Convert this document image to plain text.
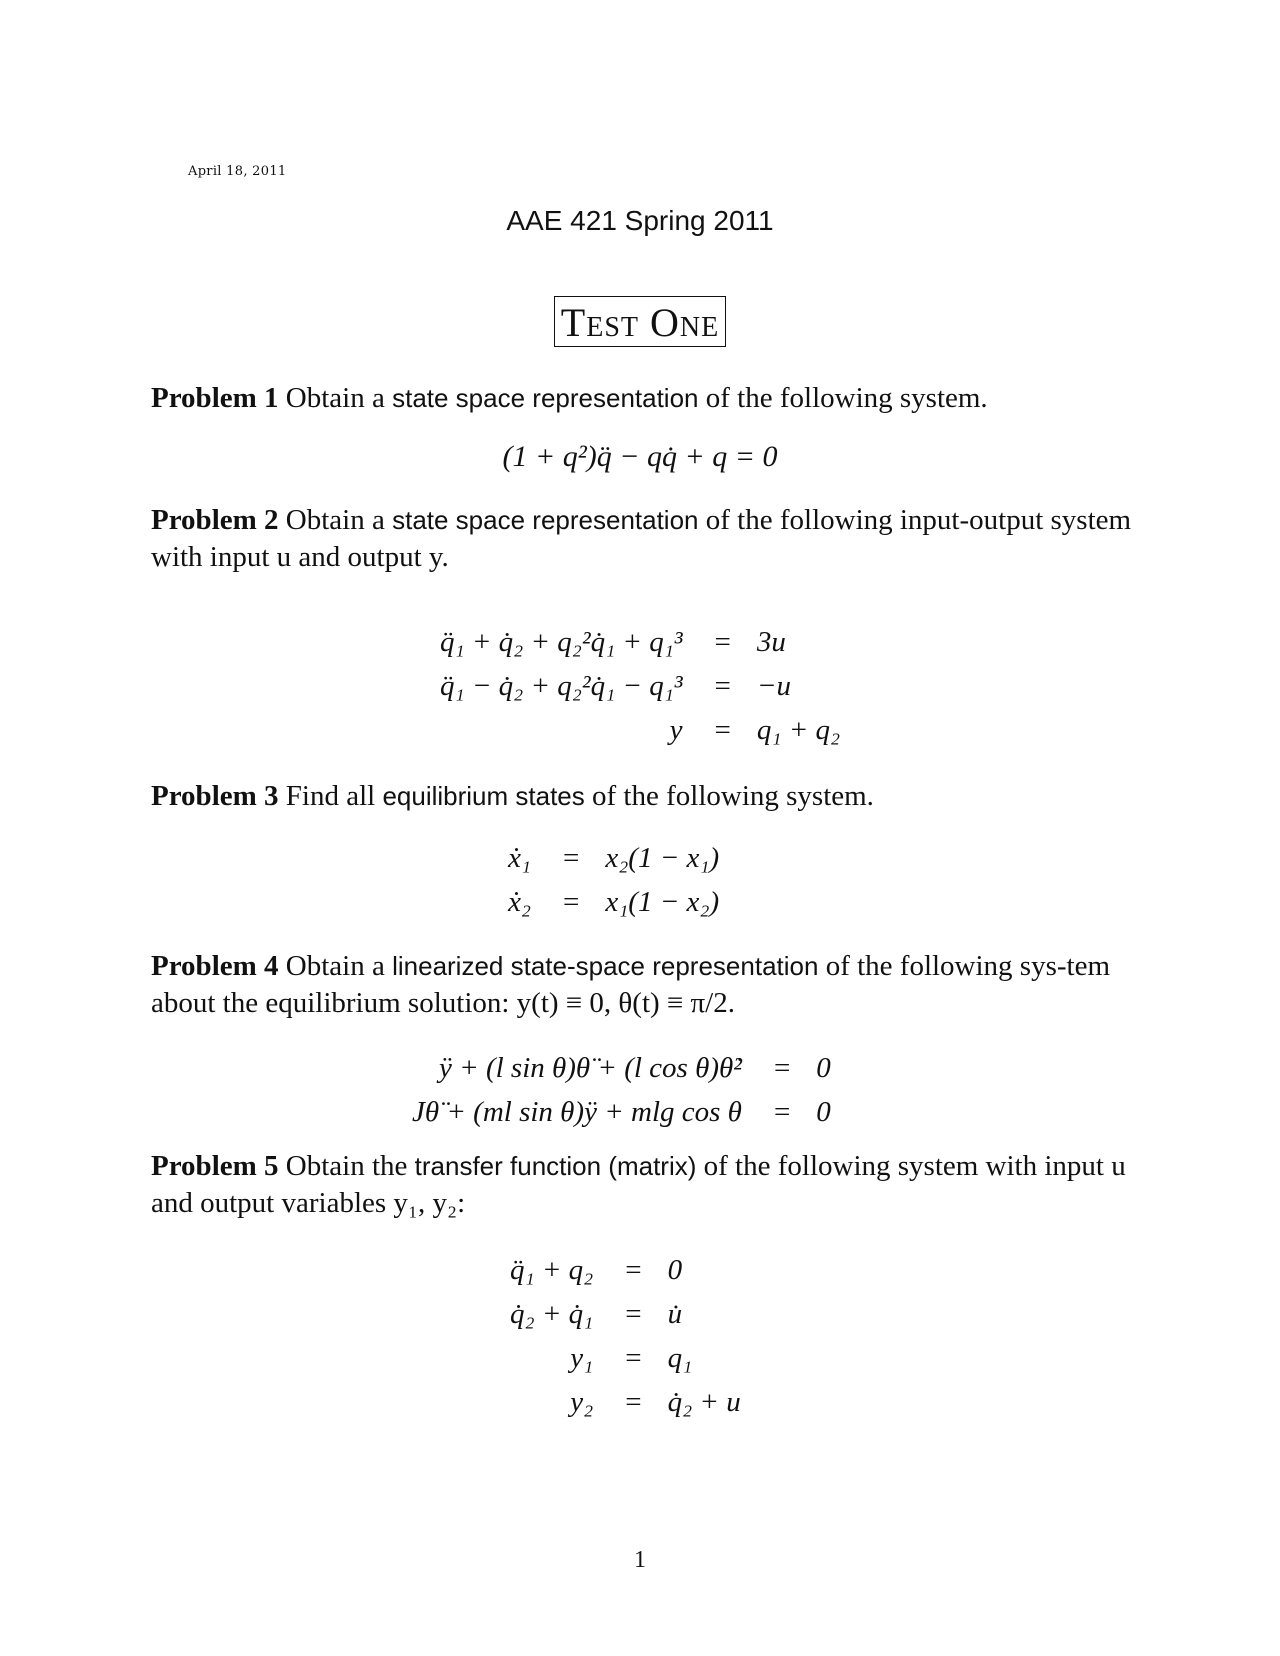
April 18, 2011
AAE 421 Spring 2011
Test One
Problem 1 Obtain a state space representation of the following system.
(1 + q²)q̈ − qq̇ + q = 0
Problem 2 Obtain a state space representation of the following input-output system with input u and output y.
q̈₁ + q̇₂ + q₂²q̇₁ + q₁³	=	3u
q̈₁ − q̇₂ + q₂²q̇₁ − q₁³	=	−u
y	=	q₁ + q₂
Problem 3 Find all equilibrium states of the following system.
ẋ₁	=	x₂(1 − x₁)
ẋ₂	=	x₁(1 − x₂)
Problem 4 Obtain a linearized state-space representation of the following sys-tem about the equilibrium solution: y(t) ≡ 0, θ(t) ≡ π/2.
ÿ + (l sin θ)θ̈ + (l cos θ)θ̇²	=	0
Jθ̈ + (ml sin θ)ÿ + mlg cos θ	=	0
Problem 5 Obtain the transfer function (matrix) of the following system with input u and output variables y₁, y₂:
q̈₁ + q₂	=	0
q̇₂ + q̇₁	=	u̇
y₁	=	q₁
y₂	=	q̇₂ + u
1
